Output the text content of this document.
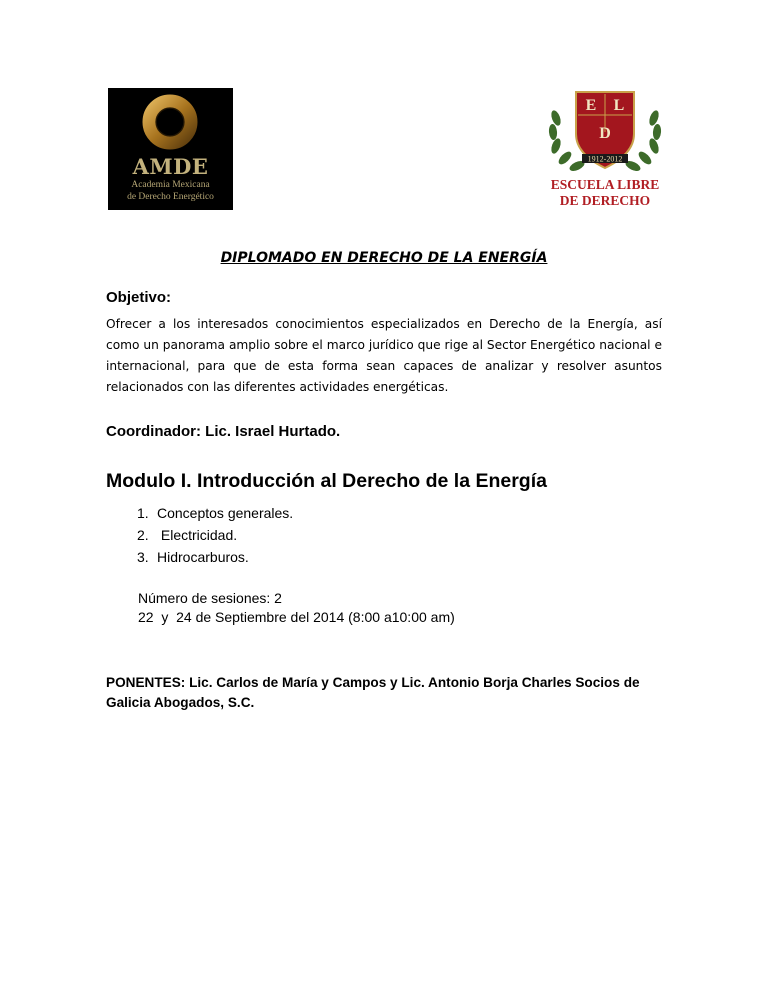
AMDE
Academia Mexicana
de Derecho Energético
1912-2012
E L
D
ESCUELA LIBRE
DE DERECHO
DIPLOMADO EN DERECHO DE LA ENERGÍA
Objetivo:

Ofrecer a los interesados conocimientos especializados en Derecho de la Energía, así como un panorama amplio sobre el marco jurídico que rige al Sector Energético nacional e internacional, para que de esta forma sean capaces de analizar y resolver asuntos relacionados con las diferentes actividades energéticas.

Coordinador: Lic. Israel Hurtado.
Modulo I. Introducción al Derecho de la Energía
1. Conceptos generales.
2. Electricidad.
3. Hidrocarburos.
Número de sesiones: 2
22  y  24 de Septiembre del 2014 (8:00 a10:00 am)

PONENTES: Lic. Carlos de María y Campos y Lic. Antonio Borja Charles Socios de Galicia Abogados, S.C.
